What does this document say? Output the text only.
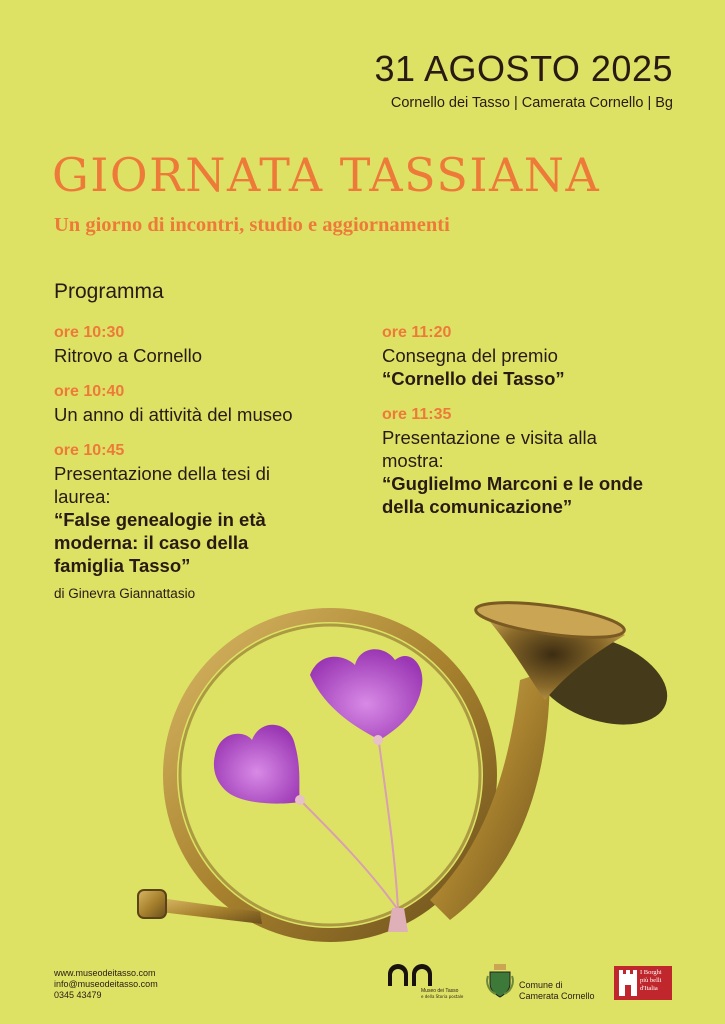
31 AGOSTO 2025
Cornello dei Tasso | Camerata Cornello | Bg
GIORNATA TASSIANA
Un giorno di incontri, studio e aggiornamenti
Programma
ore 10:30
Ritrovo a Cornello
ore 10:40
Un anno di attività del museo
ore 10:45
Presentazione della tesi di laurea:
“False genealogie in età moderna: il caso della famiglia Tasso”
di Ginevra Giannattasio
ore 11:20
Consegna del premio
“Cornello dei Tasso”
ore 11:35
Presentazione e visita alla mostra:
“Guglielmo Marconi e le onde della comunicazione”
www.museodeitasso.com
info@museodeitasso.com
0345 43479	Museo dei Tasso
e della Storia postale
Comune di
Camerata Cornello
I Borghi
più belli
d'Italia
